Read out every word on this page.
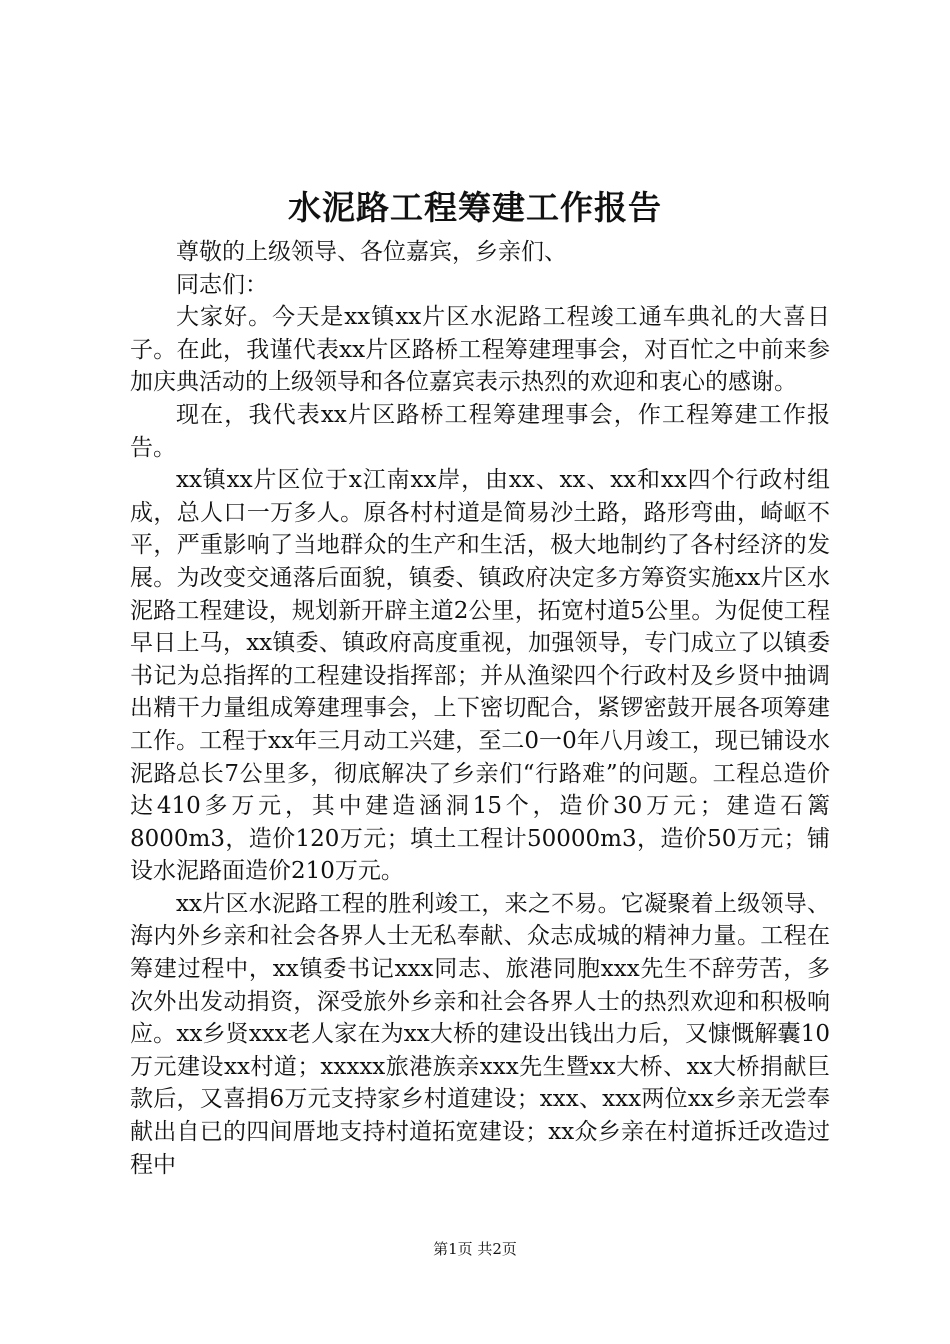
水泥路工程筹建工作报告

尊敬的上级领导、各位嘉宾，乡亲们、

同志们：

大家好。今天是xx镇xx片区水泥路工程竣工通车典礼的大喜日子。在此，我谨代表xx片区路桥工程筹建理事会，对百忙之中前来参加庆典活动的上级领导和各位嘉宾表示热烈的欢迎和衷心的感谢。

现在，我代表xx片区路桥工程筹建理事会，作工程筹建工作报告。

xx镇xx片区位于x江南xx岸，由xx、xx、xx和xx四个行政村组成，总人口一万多人。原各村村道是简易沙土路，路形弯曲，崎岖不平，严重影响了当地群众的生产和生活，极大地制约了各村经济的发展。为改变交通落后面貌，镇委、镇政府决定多方筹资实施xx片区水泥路工程建设，规划新开辟主道2公里，拓宽村道5公里。为促使工程早日上马，xx镇委、镇政府高度重视，加强领导，专门成立了以镇委书记为总指挥的工程建设指挥部；并从渔梁四个行政村及乡贤中抽调出精干力量组成筹建理事会，上下密切配合，紧锣密鼓开展各项筹建工作。工程于xx年三月动工兴建，至二0一0年八月竣工，现已铺设水泥路总长7公里多，彻底解决了乡亲们“行路难”的问题。工程总造价达410多万元，其中建造涵洞15个，造价30万元；建造石篱8000m3，造价120万元；填土工程计50000m3，造价50万元；铺设水泥路面造价210万元。

xx片区水泥路工程的胜利竣工，来之不易。它凝聚着上级领导、海内外乡亲和社会各界人士无私奉献、众志成城的精神力量。工程在筹建过程中，xx镇委书记xxx同志、旅港同胞xxx先生不辞劳苦，多次外出发动捐资，深受旅外乡亲和社会各界人士的热烈欢迎和积极响应。xx乡贤xxx老人家在为xx大桥的建设出钱出力后，又慷慨解囊10万元建设xx村道；xxxxx旅港族亲xxx先生暨xx大桥、xx大桥捐献巨款后，又喜捐6万元支持家乡村道建设；xxx、xxx两位xx乡亲无尝奉献出自已的四间厝地支持村道拓宽建设；xx众乡亲在村道拆迁改造过程中

第1页 共2页
